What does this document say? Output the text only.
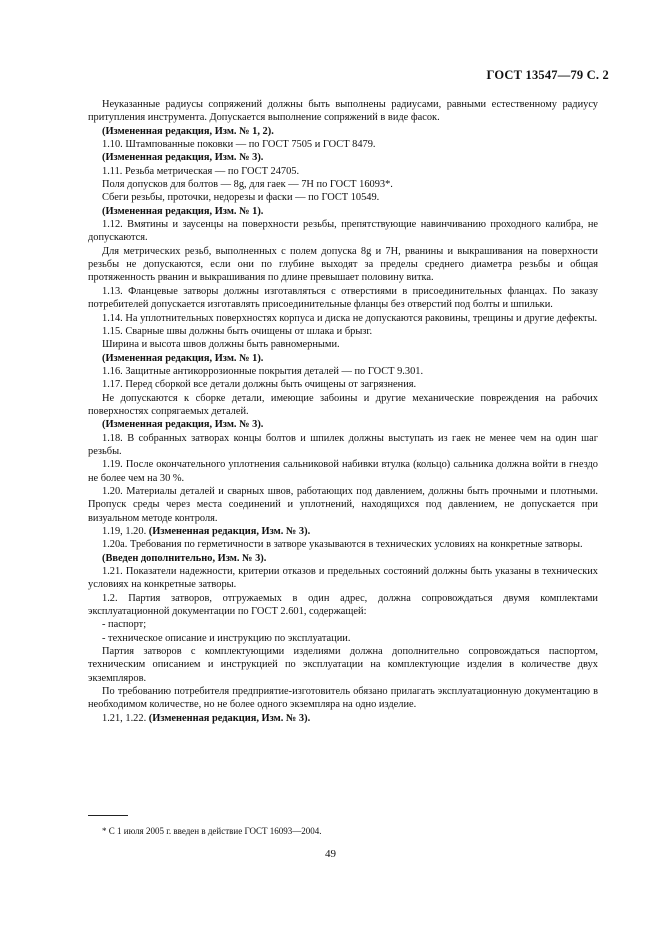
ГОСТ 13547—79 С. 2

Неуказанные радиусы сопряжений должны быть выполнены радиусами, равными естественному радиусу притупления инструмента. Допускается выполнение сопряжений в виде фасок.

(Измененная редакция, Изм. № 1, 2).

1.10. Штампованные поковки — по ГОСТ 7505 и ГОСТ 8479.

(Измененная редакция, Изм. № 3).

1.11. Резьба метрическая — по ГОСТ 24705.

Поля допусков для болтов — 8g, для гаек — 7Н по ГОСТ 16093*.

Сбеги резьбы, проточки, недорезы и фаски — по ГОСТ 10549.

(Измененная редакция, Изм. № 1).

1.12. Вмятины и заусенцы на поверхности резьбы, препятствующие навинчиванию проходного калибра, не допускаются.

Для метрических резьб, выполненных с полем допуска 8g и 7Н, рванины и выкрашивания на поверхности резьбы не допускаются, если они по глубине выходят за пределы среднего диаметра резьбы и общая протяженность рванин и выкрашивания по длине превышает половину витка.

1.13. Фланцевые затворы должны изготавляться с отверстиями в присоединительных фланцах. По заказу потребителей допускается изготавлять присоединительные фланцы без отверстий под болты и шпильки.

1.14. На уплотнительных поверхностях корпуса и диска не допускаются раковины, трещины и другие дефекты.

1.15. Сварные швы должны быть очищены от шлака и брызг.

Ширина и высота швов должны быть равномерными.

(Измененная редакция, Изм. № 1).

1.16. Защитные антикоррозионные покрытия деталей — по ГОСТ 9.301.

1.17. Перед сборкой все детали должны быть очищены от загрязнения.

Не допускаются к сборке детали, имеющие забоины и другие механические повреждения на рабочих поверхностях сопрягаемых деталей.

(Измененная редакция, Изм. № 3).

1.18. В собранных затворах концы болтов и шпилек должны выступать из гаек не менее чем на один шаг резьбы.

1.19. После окончательного уплотнения сальниковой набивки втулка (кольцо) сальника должна войти в гнездо не более чем на 30 %.

1.20. Материалы деталей и сварных швов, работающих под давлением, должны быть прочными и плотными. Пропуск среды через места соединений и уплотнений, находящихся под давлением, не допускается при визуальном методе контроля.

1.19, 1.20. (Измененная редакция, Изм. № 3).

1.20а. Требования по герметичности в затворе указываются в технических условиях на конкретные затворы.

(Введен дополнительно, Изм. № 3).

1.21. Показатели надежности, критерии отказов и предельных состояний должны быть указаны в технических условиях на конкретные затворы.

1.2. Партия затворов, отгружаемых в один адрес, должна сопровождаться двумя комплектами эксплуатационной документации по ГОСТ 2.601, содержащей:

- паспорт;

- техническое описание и инструкцию по эксплуатации.

Партия затворов с комплектующими изделиями должна дополнительно сопровождаться паспортом, техническим описанием и инструкцией по эксплуатации на комплектующие изделия в количестве двух экземпляров.

По требованию потребителя предприятие-изготовитель обязано прилагать эксплуатационную документацию в необходимом количестве, но не более одного экземпляра на одно изделие.

1.21, 1.22. (Измененная редакция, Изм. № 3).

* С 1 июля 2005 г. введен в действие ГОСТ 16093—2004.
49
